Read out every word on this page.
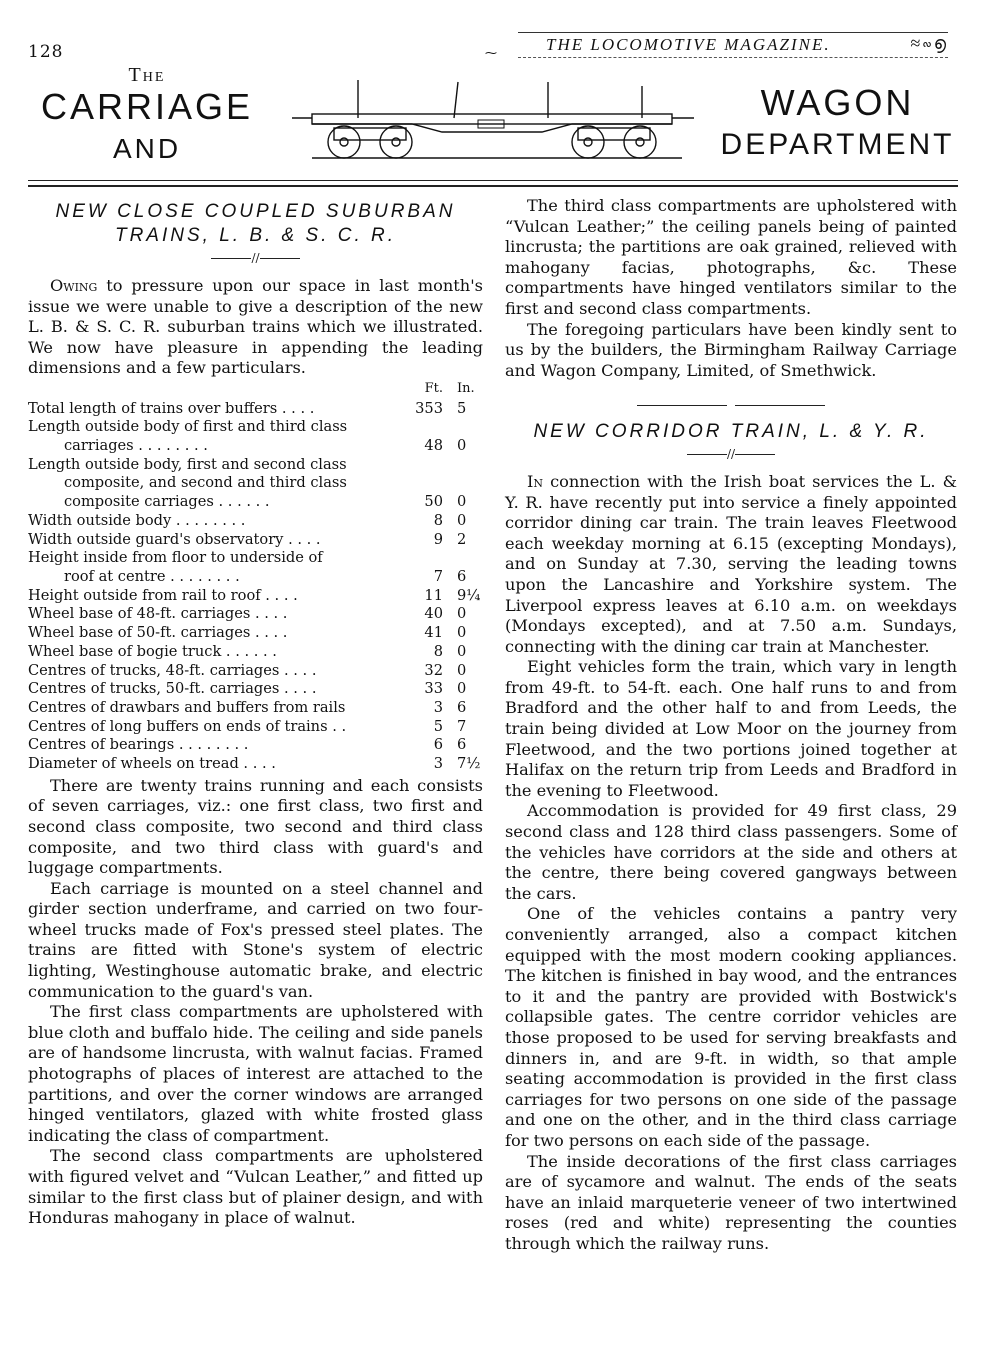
128	⁓	THE LOCOMOTIVE MAGAZINE.	≈∾൭
The
CARRIAGE
AND
WAGON
DEPARTMENT
NEW CLOSE COUPLED SUBURBAN
TRAINS, L. B. & S. C. R.
//

Owing to pressure upon our space in last month's issue we were unable to give a description of the new L. B. & S. C. R. suburban trains which we illustrated. We now have pleasure in appending the leading dimensions and a few particulars.

	Ft.	In.
Total length of trains over buffers . . . .	353	5
Length outside body of first and third class		
carriages . . . . . . . .	48	0
Length outside body, first and second class		
composite, and second and third class		
composite carriages . . . . . .	50	0
Width outside body . . . . . . . .	8	0
Width outside guard's observatory . . . .	9	2
Height inside from floor to underside of		
roof at centre . . . . . . . .	7	6
Height outside from rail to roof . . . .	11	9¼
Wheel base of 48-ft. carriages . . . .	40	0
Wheel base of 50-ft. carriages . . . .	41	0
Wheel base of bogie truck . . . . . .	8	0
Centres of trucks, 48-ft. carriages . . . .	32	0
Centres of trucks, 50-ft. carriages . . . .	33	0
Centres of drawbars and buffers from rails	3	6
Centres of long buffers on ends of trains . .	5	7
Centres of bearings . . . . . . . .	6	6
Diameter of wheels on tread . . . .	3	7½

There are twenty trains running and each consists of seven carriages, viz.: one first class, two first and second class composite, two second and third class composite, and two third class with guard's and luggage compartments.

Each carriage is mounted on a steel channel and girder section underframe, and carried on two four-wheel trucks made of Fox's pressed steel plates. The trains are fitted with Stone's system of electric lighting, Westinghouse automatic brake, and electric communication to the guard's van.

The first class compartments are upholstered with blue cloth and buffalo hide. The ceiling and side panels are of handsome lincrusta, with walnut facias. Framed photographs of places of interest are attached to the partitions, and over the corner windows are arranged hinged ventilators, glazed with white frosted glass indicating the class of compartment.

The second class compartments are upholstered with figured velvet and “Vulcan Leather,” and fitted up similar to the first class but of plainer design, and with Honduras mahogany in place of walnut.

The third class compartments are upholstered with “Vulcan Leather;” the ceiling panels being of painted lincrusta; the partitions are oak grained, relieved with mahogany facias, photographs, &c. These compartments have hinged ventilators similar to the first and second class compartments.

The foregoing particulars have been kindly sent to us by the builders, the Birmingham Railway Carriage and Wagon Company, Limited, of Smethwick.

NEW CORRIDOR TRAIN, L. & Y. R.
//

In connection with the Irish boat services the L. & Y. R. have recently put into service a finely appointed corridor dining car train. The train leaves Fleetwood each weekday morning at 6.15 (excepting Mondays), and on Sunday at 7.30, serving the leading towns upon the Lancashire and Yorkshire system. The Liverpool express leaves at 6.10 a.m. on weekdays (Mondays excepted), and at 7.50 a.m. Sundays, connecting with the dining car train at Manchester.

Eight vehicles form the train, which vary in length from 49-ft. to 54-ft. each. One half runs to and from Bradford and the other half to and from Leeds, the train being divided at Low Moor on the journey from Fleetwood, and the two portions joined together at Halifax on the return trip from Leeds and Bradford in the evening to Fleetwood.

Accommodation is provided for 49 first class, 29 second class and 128 third class passengers. Some of the vehicles have corridors at the side and others at the centre, there being covered gangways between the cars.

One of the vehicles contains a pantry very conveniently arranged, also a compact kitchen equipped with the most modern cooking appliances. The kitchen is finished in bay wood, and the entrances to it and the pantry are provided with Bostwick's collapsible gates. The centre corridor vehicles are those proposed to be used for serving breakfasts and dinners in, and are 9-ft. in width, so that ample seating accommodation is provided in the first class carriages for two persons on one side of the passage and one on the other, and in the third class carriage for two persons on each side of the passage.

The inside decorations of the first class carriages are of sycamore and walnut. The ends of the seats have an inlaid marqueterie veneer of two intertwined roses (red and white) representing the counties through which the railway runs.
